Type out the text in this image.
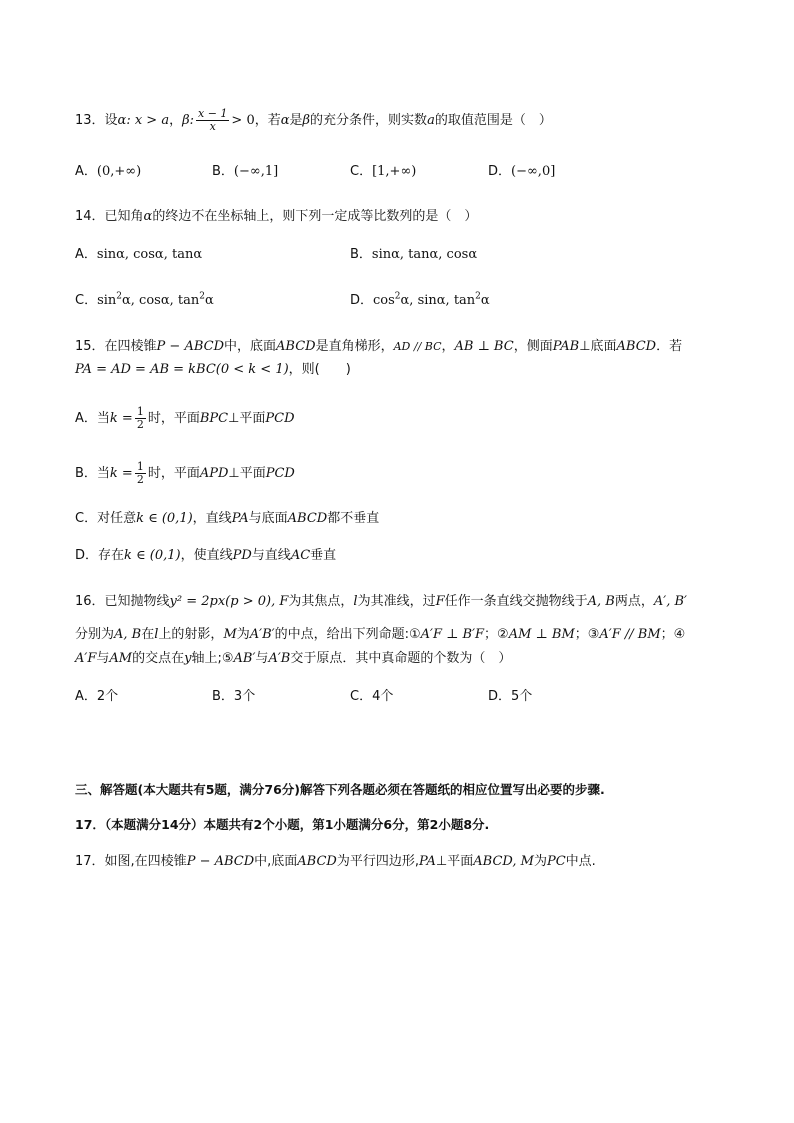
13．设α: x > a，β: $\frac{x - 1}{x} > 0$，若α是β的充分条件，则实数a的取值范围是（　）
A．(0,+∞)	B．(−∞,1]	C．[1,+∞)	D．(−∞,0]
14．已知角α的终边不在坐标轴上，则下列一定成等比数列的是（　）
A．sinα, cosα, tanα	B．sinα, tanα, cosα
C．$\sin^2\alpha$, cosα, $\tan^2\alpha$	D．$\cos^2\alpha$, sinα, $\tan^2\alpha$
15．在四棱锥P − ABCD中，底面ABCD是直角梯形，AD // BC，AB ⊥ BC，侧面PAB⊥底面ABCD．若
PA = AD = AB = kBC(0 < k < 1)，则(　　)
A．当$k = \frac{1}{2}$ 时，平面BPC⊥平面PCD
B．当$k = \frac{1}{2}$ 时，平面APD⊥平面PCD
C．对任意k ∈ (0,1)，直线PA与底面ABCD都不垂直
D．存在k ∈ (0,1)，使直线PD与直线AC垂直
16．已知抛物线y² = 2px(p > 0), F为其焦点，l为其准线，过F任作一条直线交抛物线于A, B两点，A′, B′
分别为A, B在l上的射影，M为A′B′的中点，给出下列命题:①A′F ⊥ B′F；②AM ⊥ BM；③A′F // BM；④
A′F与AM的交点在y轴上;⑤AB′与A′B交于原点．其中真命题的个数为（　）
A．2个	B．3个	C．4个	D．5个
三、解答题(本大题共有5题，满分76分)解答下列各题必须在答题纸的相应位置写出必要的步骤.
17．（本题满分14分）本题共有2个小题，第1小题满分6分，第2小题8分.
17．如图,在四棱锥P − ABCD中,底面ABCD为平行四边形,PA⊥平面ABCD, M为PC中点.
